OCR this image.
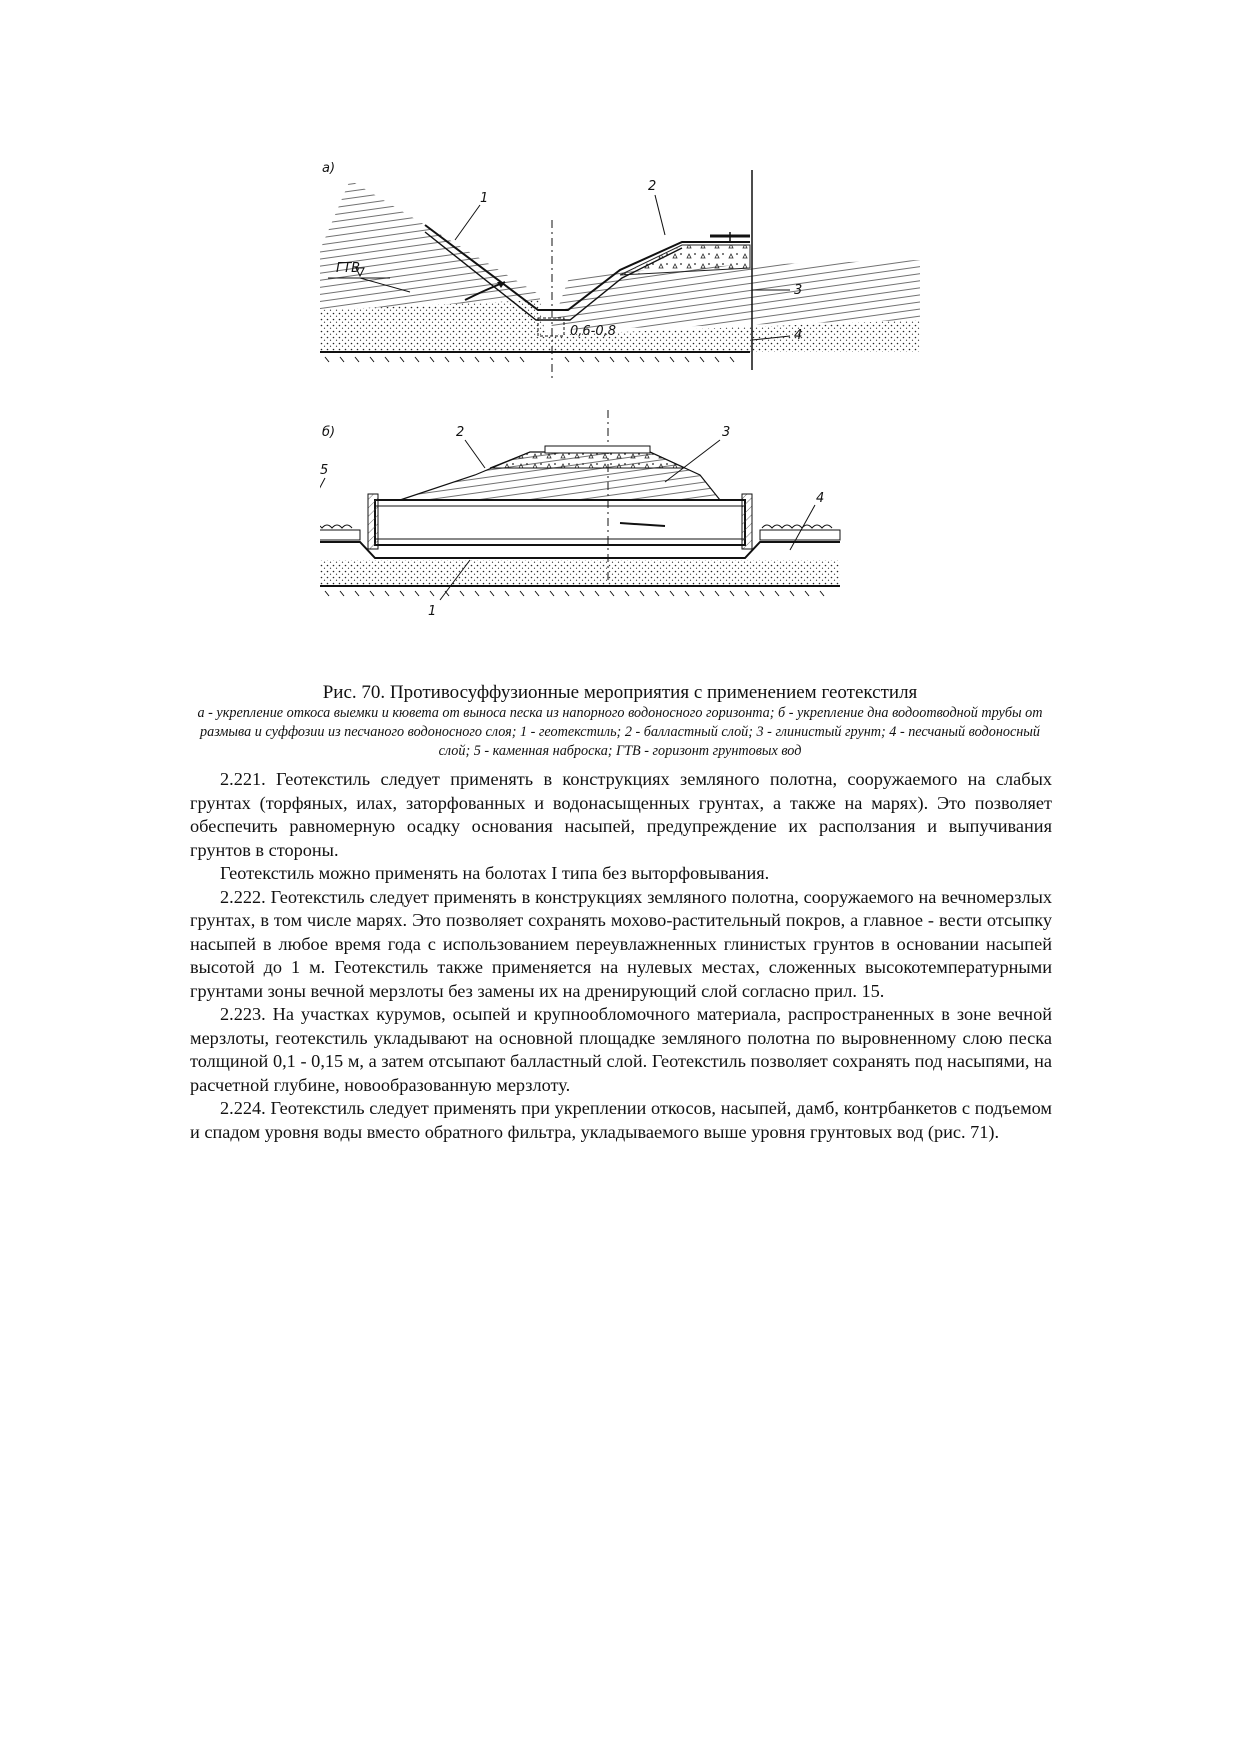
а)
ГТВ
0,6-0,8
1
2
3
4
б)	2	3
5
4
1
Рис. 70. Противосуффузионные мероприятия с применением геотекстиля
а - укрепление откоса выемки и кювета от выноса песка из напорного водоносного горизонта; б - укрепление дна водоотводной трубы от размыва и суффозии из песчаного водоносного слоя; 1 - геотекстиль; 2 - балластный слой; 3 - глинистый грунт; 4 - песчаный водоносный слой; 5 - каменная наброска; ГТВ - горизонт грунтовых вод

2.221. Геотекстиль следует применять в конструкциях земляного полотна, сооружаемого на слабых грунтах (торфяных, илах, заторфованных и водонасыщенных грунтах, а также на марях). Это позволяет обеспечить равномерную осадку основания насыпей, предупреждение их расползания и выпучивания грунтов в стороны.

Геотекстиль можно применять на болотах I типа без выторфовывания.

2.222. Геотекстиль следует применять в конструкциях земляного полотна, сооружаемого на вечномерзлых грунтах, в том числе марях. Это позволяет сохранять мохово-растительный покров, а главное - вести отсыпку насыпей в любое время года с использованием переувлажненных глинистых грунтов в основании насыпей высотой до 1 м. Геотекстиль также применяется на нулевых местах, сложенных высокотемпературными грунтами зоны вечной мерзлоты без замены их на дренирующий слой согласно прил. 15.

2.223. На участках курумов, осыпей и крупнообломочного материала, распространенных в зоне вечной мерзлоты, геотекстиль укладывают на основной площадке земляного полотна по выровненному слою песка толщиной 0,1 - 0,15 м, а затем отсыпают балластный слой. Геотекстиль позволяет сохранять под насыпями, на расчетной глубине, новообразованную мерзлоту.

2.224. Геотекстиль следует применять при укреплении откосов, насыпей, дамб, контрбанкетов с подъемом и спадом уровня воды вместо обратного фильтра, укладываемого выше уровня грунтовых вод (рис. 71).
